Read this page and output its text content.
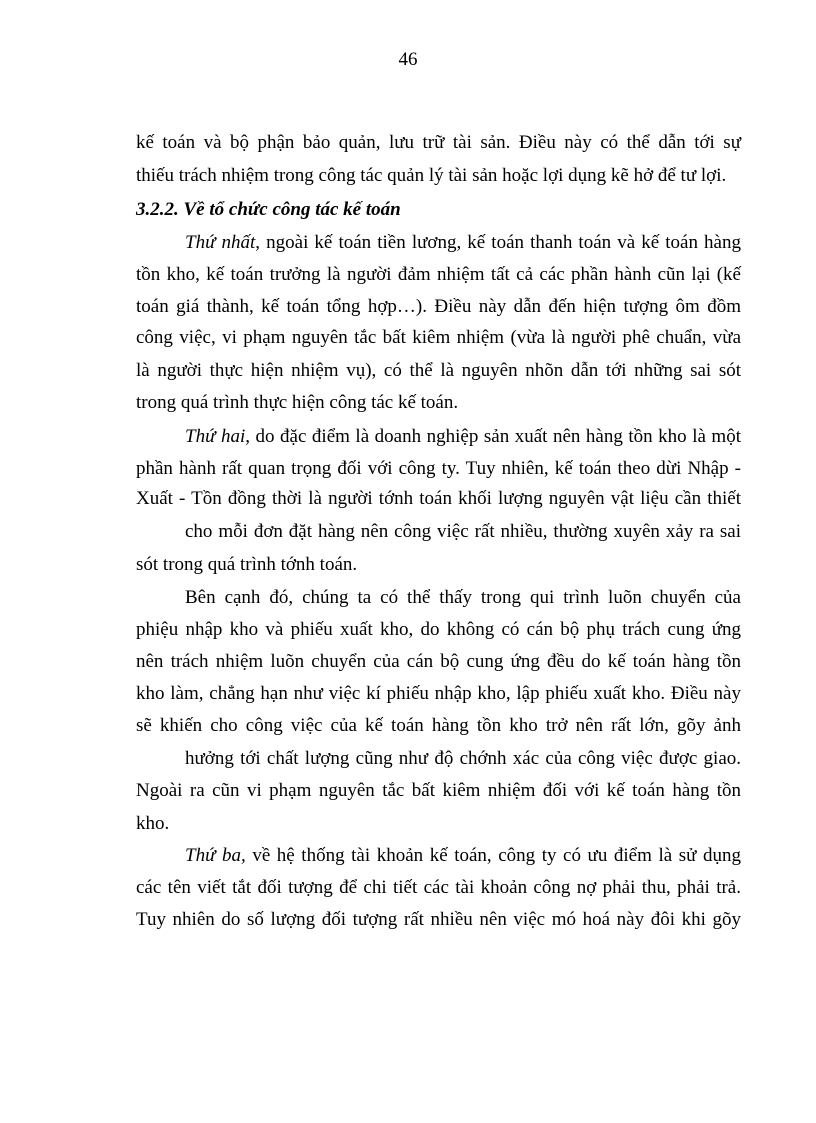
46
kế toán và bộ phận bảo quản, lưu trữ tài sản. Điều này có thể dẫn tới sự
thiếu trách nhiệm trong công tác quản lý tài sản hoặc lợi dụng kẽ hở để tư lợi.
3.2.2. Về tổ chức công tác kế toán
Thứ nhất, ngoài kế toán tiền lương, kế toán thanh toán và kế toán hàng
tồn kho, kế toán trưởng là người đảm nhiệm tất cả các phần hành cũn lại (kế
toán giá thành, kế toán tổng hợp…). Điều này dẫn đến hiện tượng ôm đồm
công việc, vi phạm nguyên tắc bất kiêm nhiệm (vừa là người phê chuẩn, vừa
là người thực hiện nhiệm vụ), có thể là nguyên nhõn dẫn tới những sai sót
trong quá trình thực hiện công tác kế toán.
Thứ hai, do đặc điểm là doanh nghiệp sản xuất nên hàng tồn kho là một
phần hành rất quan trọng đối với công ty. Tuy nhiên, kế toán theo dừi Nhập -
Xuất - Tồn đồng thời là người tớnh toán khối lượng nguyên vật liệu cần thiết
cho mỗi đơn đặt hàng nên công việc rất nhiều, thường xuyên xảy ra sai
sót trong quá trình tớnh toán.
Bên cạnh đó, chúng ta có thể thấy trong qui trình luõn chuyển của
phiệu nhập kho và phiếu xuất kho, do không có cán bộ phụ trách cung ứng
nên trách nhiệm luõn chuyển của cán bộ cung ứng đều do kế toán hàng tồn
kho làm, chẳng hạn như việc kí phiếu nhập kho, lập phiếu xuất kho. Điều này
sẽ khiến cho công việc của kế toán hàng tồn kho trở nên rất lớn, gõy ảnh
hưởng tới chất lượng cũng như độ chớnh xác của công việc được giao.
Ngoài ra cũn vi phạm nguyên tắc bất kiêm nhiệm đối với kế toán hàng tồn
kho.
Thứ ba, về hệ thống tài khoản kế toán, công ty có ưu điểm là sử dụng
các tên viết tắt đối tượng để chi tiết các tài khoản công nợ phải thu, phải trả.
Tuy nhiên do số lượng đối tượng rất nhiều nên việc mó hoá này đôi khi gõy
